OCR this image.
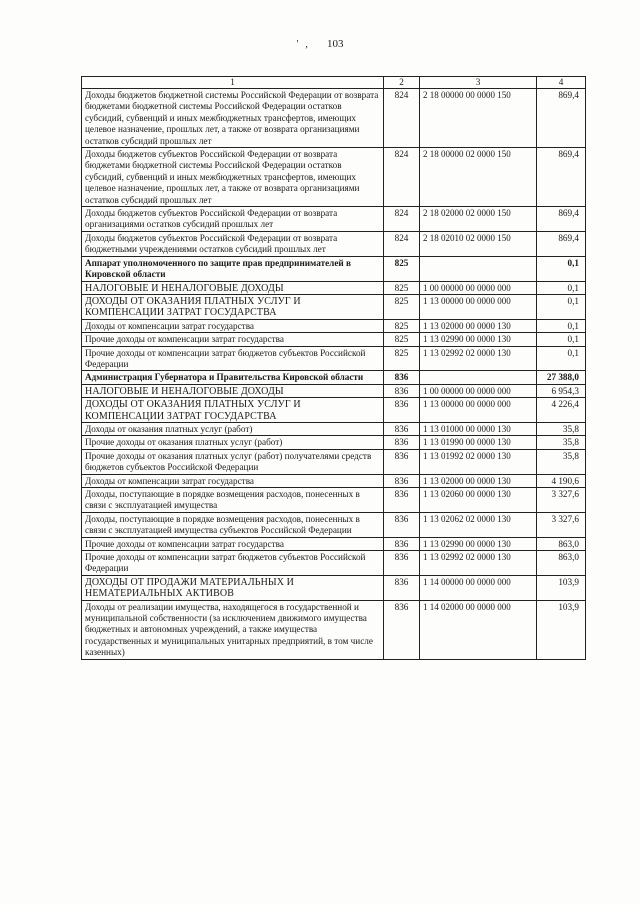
' ‚ 103
1	2	3	4
Доходы бюджетов бюджетной системы Российской Федерации от возврата бюджетами бюджетной системы Российской Федерации остатков субсидий, субвенций и иных межбюджетных трансфертов, имеющих целевое назначение, прошлых лет, а также от возврата организациями остатков субсидий прошлых лет	824	2 18 00000 00 0000 150	869,4
Доходы бюджетов субъектов Российской Федерации от возврата бюджетами бюджетной системы Российской Федерации остатков субсидий, субвенций и иных межбюджетных трансфертов, имеющих целевое назначение, прошлых лет, а также от возврата организациями остатков субсидий прошлых лет	824	2 18 00000 02 0000 150	869,4
Доходы бюджетов субъектов Российской Федерации от возврата организациями остатков субсидий прошлых лет	824	2 18 02000 02 0000 150	869,4
Доходы бюджетов субъектов Российской Федерации от возврата бюджетными учреждениями остатков субсидий прошлых лет	824	2 18 02010 02 0000 150	869,4
Аппарат уполномоченного по защите прав предпринимателей в Кировской области	825		0,1
НАЛОГОВЫЕ И НЕНАЛОГОВЫЕ ДОХОДЫ	825	1 00 00000 00 0000 000	0,1
ДОХОДЫ ОТ ОКАЗАНИЯ ПЛАТНЫХ УСЛУГ И КОМПЕНСАЦИИ ЗАТРАТ ГОСУДАРСТВА	825	1 13 00000 00 0000 000	0,1
Доходы от компенсации затрат государства	825	1 13 02000 00 0000 130	0,1
Прочие доходы от компенсации затрат государства	825	1 13 02990 00 0000 130	0,1
Прочие доходы от компенсации затрат бюджетов субъектов Российской Федерации	825	1 13 02992 02 0000 130	0,1
Администрация Губернатора и Правительства Кировской области	836		27 388,0
НАЛОГОВЫЕ И НЕНАЛОГОВЫЕ ДОХОДЫ	836	1 00 00000 00 0000 000	6 954,3
ДОХОДЫ ОТ ОКАЗАНИЯ ПЛАТНЫХ УСЛУГ И КОМПЕНСАЦИИ ЗАТРАТ ГОСУДАРСТВА	836	1 13 00000 00 0000 000	4 226,4
Доходы от оказания платных услуг (работ)	836	1 13 01000 00 0000 130	35,8
Прочие доходы от оказания платных услуг (работ)	836	1 13 01990 00 0000 130	35,8
Прочие доходы от оказания платных услуг (работ) получателями средств бюджетов субъектов Российской Федерации	836	1 13 01992 02 0000 130	35,8
Доходы от компенсации затрат государства	836	1 13 02000 00 0000 130	4 190,6
Доходы, поступающие в порядке возмещения расходов, понесенных в связи с эксплуатацией имущества	836	1 13 02060 00 0000 130	3 327,6
Доходы, поступающие в порядке возмещения расходов, понесенных в связи с эксплуатацией имущества субъектов Российской Федерации	836	1 13 02062 02 0000 130	3 327,6
Прочие доходы от компенсации затрат государства	836	1 13 02990 00 0000 130	863,0
Прочие доходы от компенсации затрат бюджетов субъектов Российской Федерации	836	1 13 02992 02 0000 130	863,0
ДОХОДЫ ОТ ПРОДАЖИ МАТЕРИАЛЬНЫХ И НЕМАТЕРИАЛЬНЫХ АКТИВОВ	836	1 14 00000 00 0000 000	103,9
Доходы от реализации имущества, находящегося в государственной и муниципальной собственности (за исключением движимого имущества бюджетных и автономных учреждений, а также имущества государственных и муниципальных унитарных предприятий, в том числе казенных)	836	1 14 02000 00 0000 000	103,9
